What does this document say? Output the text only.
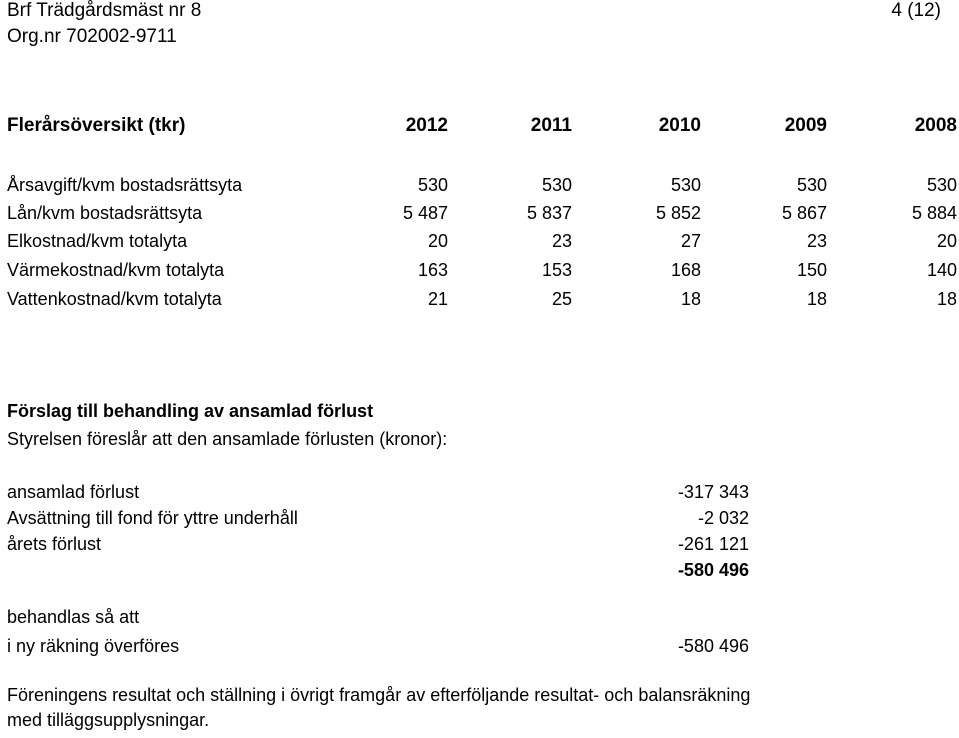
Brf Trädgårdsmäst nr 8
Org.nr 702002-9711
4 (12)
Flerårsöversikt (tkr)	2012	2011	2010	2009	2008
Årsavgift/kvm bostadsrättsyta	530	530	530	530	530
Lån/kvm bostadsrättsyta	5 487	5 837	5 852	5 867	5 884
Elkostnad/kvm totalyta	20	23	27	23	20
Värmekostnad/kvm totalyta	163	153	168	150	140
Vattenkostnad/kvm totalyta	21	25	18	18	18
Förslag till behandling av ansamlad förlust
Styrelsen föreslår att den ansamlade förlusten (kronor):
ansamlad förlust	-317 343
Avsättning till fond för yttre underhåll	-2 032
årets förlust	-261 121
-580 496
behandlas så att
i ny räkning överföres	-580 496
Föreningens resultat och ställning i övrigt framgår av efterföljande resultat- och balansräkning
med tilläggsupplysningar.
